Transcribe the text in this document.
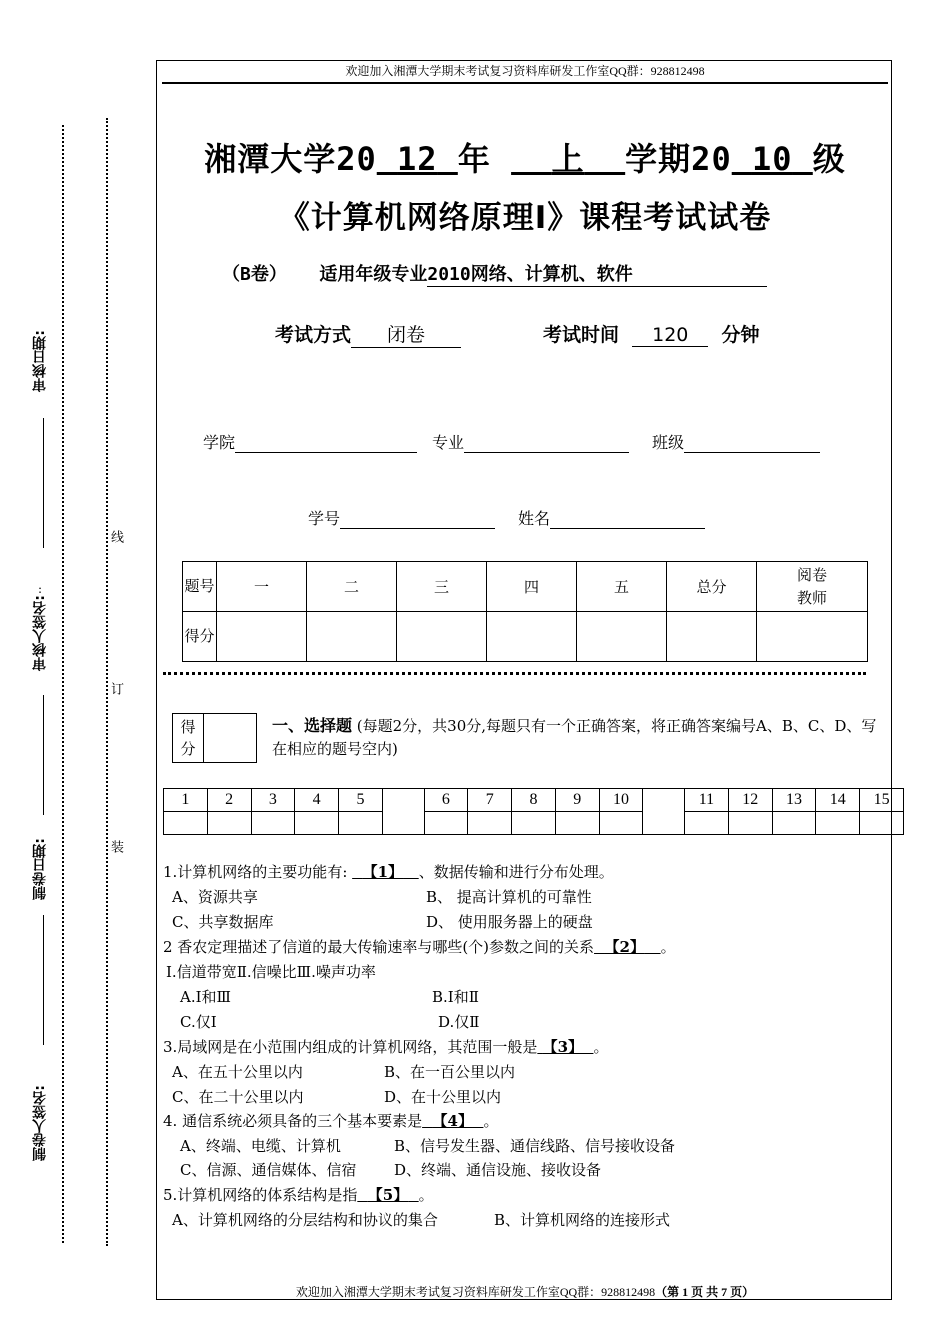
欢迎加入湘潭大学期末考试复习资料库研发工作室QQ群：928812498
欢迎加入湘潭大学期末考试复习资料库研发工作室QQ群：928812498（第 1 页 共 7 页）
审核日期:
审核人签名:
:
制卷日期:
制卷人签名:
线
订
装
湘潭大学20 12 年 上 学期20 10 级
《计算机网络原理Ⅰ》课程考试试卷
（B卷） 适用年级专业2010网络、计算机、软件
考试方式 闭卷	考试时间 120 分钟
学院	专业	班级
学号	姓名
题号	一	二	三	四	五	总分	阅卷教师
得分							
得分	
一、选择题 (每题2分，共30分,每题只有一个正确答案，将正确答案编号A、B、C、D、写在相应的题号空内)
1	2	3	4	5		6	7	8	9	10		11	12	13	14	15

1.计算机网络的主要功能有:   【1】 、数据传输和进行分布处理。
A、资源共享	B、 提高计算机的可靠性
C、共享数据库	D、 使用服务器上的硬盘
2 香农定理描述了信道的最大传输速率与哪些(个)参数之间的关系 【2】 。
Ⅰ.信道带宽Ⅱ.信噪比Ⅲ.噪声功率
A.Ⅰ和Ⅲ	B.Ⅰ和Ⅱ
C.仅Ⅰ	D.仅Ⅱ
3.局域网是在小范围内组成的计算机网络，其范围一般是 【3】 。
A、在五十公里以内	B、在一百公里以内
C、在二十公里以内	D、在十公里以内
4. 通信系统必须具备的三个基本要素是 【4】 。
A、终端、电缆、计算机	B、信号发生器、通信线路、信号接收设备
C、信源、通信媒体、信宿	D、终端、通信设施、接收设备
5.计算机网络的体系结构是指 【5】 。
A、计算机网络的分层结构和协议的集合	B、计算机网络的连接形式
